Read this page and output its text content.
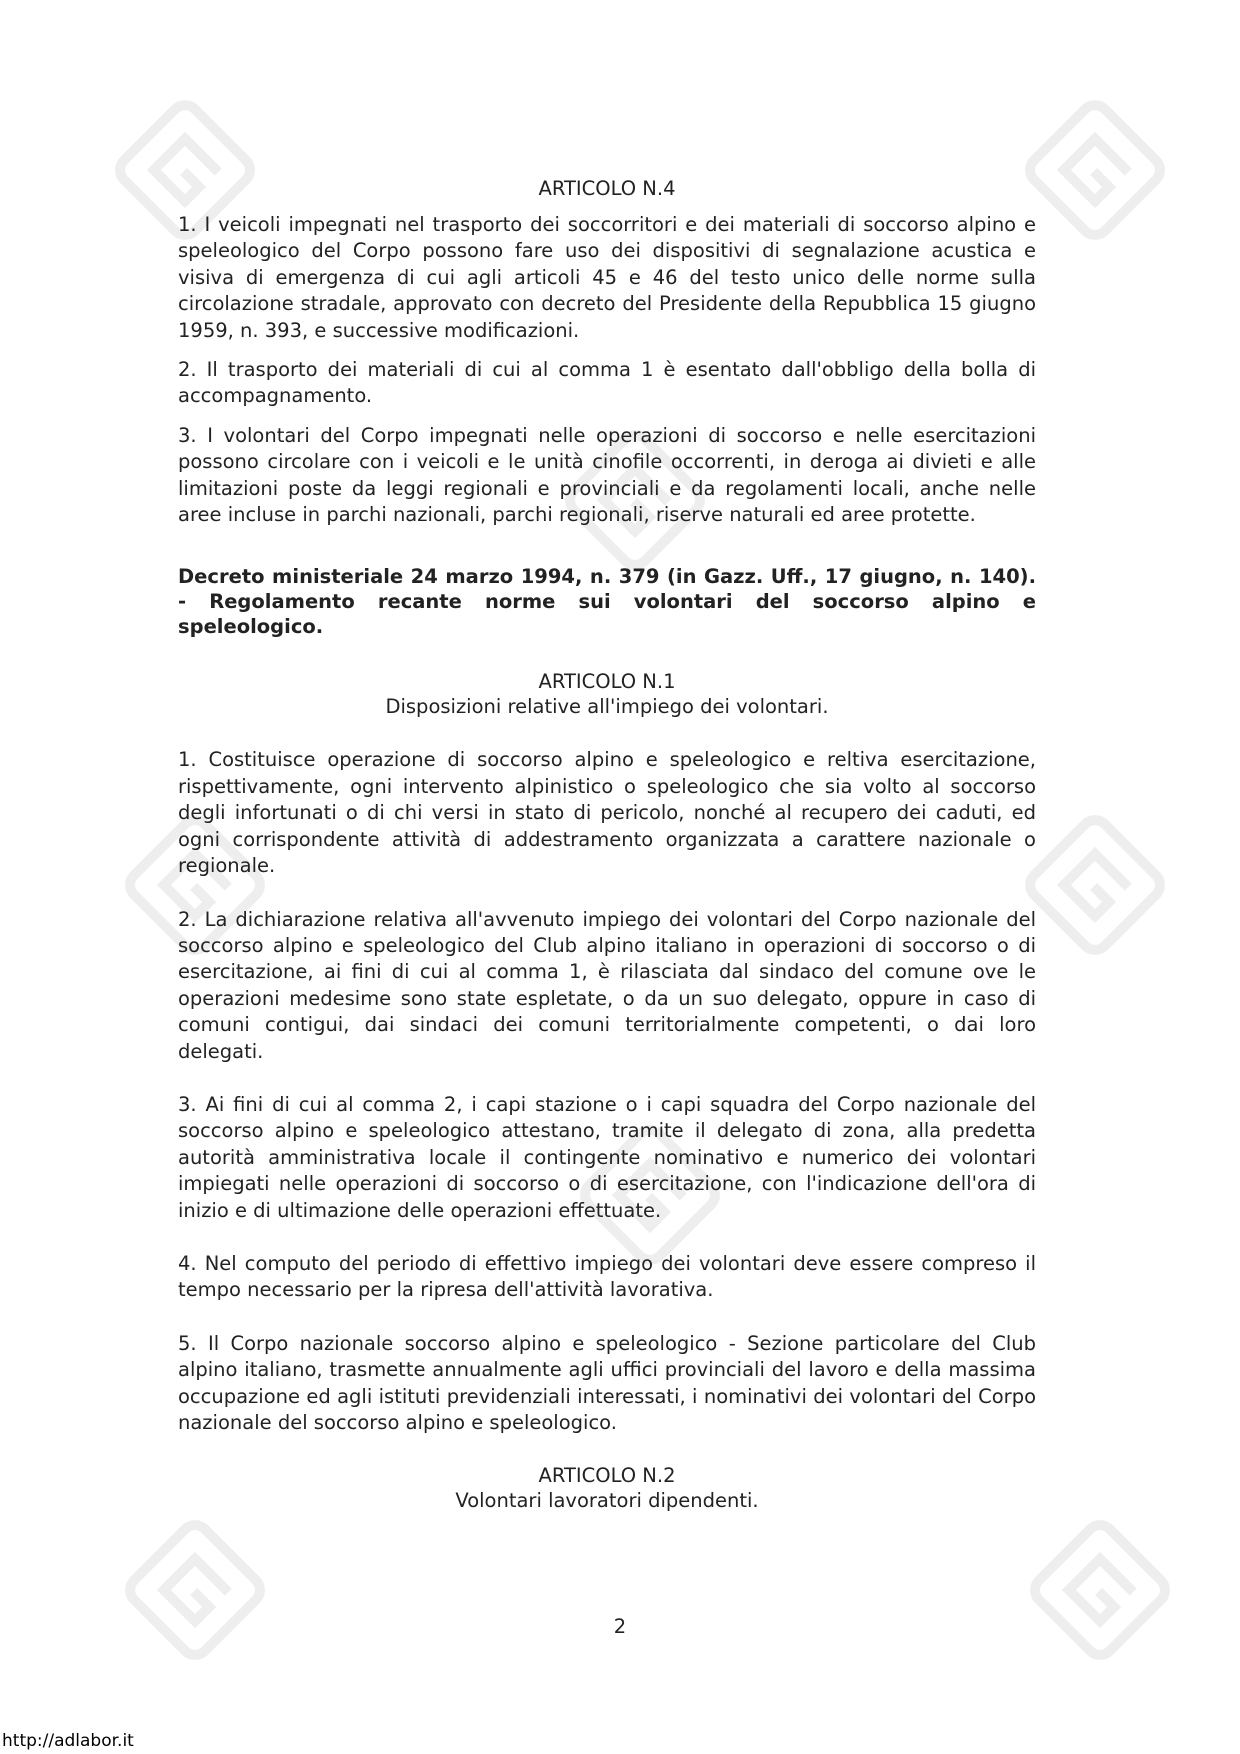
ARTICOLO N.4

1. I veicoli impegnati nel trasporto dei soccorritori e dei materiali di soccorso alpino e speleologico del Corpo possono fare uso dei dispositivi di segnalazione acustica e visiva di emergenza di cui agli articoli 45 e 46 del testo unico delle norme sulla circolazione stradale, approvato con decreto del Presidente della Repubblica 15 giugno 1959, n. 393, e successive modificazioni.

2. Il trasporto dei materiali di cui al comma 1 è esentato dall'obbligo della bolla di accompagnamento.

3. I volontari del Corpo impegnati nelle operazioni di soccorso e nelle esercitazioni possono circolare con i veicoli e le unità cinofile occorrenti, in deroga ai divieti e alle limitazioni poste da leggi regionali e provinciali e da regolamenti locali, anche nelle aree incluse in parchi nazionali, parchi regionali, riserve naturali ed aree protette.

Decreto ministeriale 24 marzo 1994, n. 379 (in Gazz. Uff., 17 giugno, n. 140). - Regolamento recante norme sui volontari del soccorso alpino e speleologico.

ARTICOLO N.1

Disposizioni relative all'impiego dei volontari.

1. Costituisce operazione di soccorso alpino e speleologico e reltiva esercitazione, rispettivamente, ogni intervento alpinistico o speleologico che sia volto al soccorso degli infortunati o di chi versi in stato di pericolo, nonché al recupero dei caduti, ed ogni corrispondente attività di addestramento organizzata a carattere nazionale o regionale.

2. La dichiarazione relativa all'avvenuto impiego dei volontari del Corpo nazionale del soccorso alpino e speleologico del Club alpino italiano in operazioni di soccorso o di esercitazione, ai fini di cui al comma 1, è rilasciata dal sindaco del comune ove le operazioni medesime sono state espletate, o da un suo delegato, oppure in caso di comuni contigui, dai sindaci dei comuni territorialmente competenti, o dai loro delegati.

3. Ai fini di cui al comma 2, i capi stazione o i capi squadra del Corpo nazionale del soccorso alpino e speleologico attestano, tramite il delegato di zona, alla predetta autorità amministrativa locale il contingente nominativo e numerico dei volontari impiegati nelle operazioni di soccorso o di esercitazione, con l'indicazione dell'ora di inizio e di ultimazione delle operazioni effettuate.

4. Nel computo del periodo di effettivo impiego dei volontari deve essere compreso il tempo necessario per la ripresa dell'attività lavorativa.

5. Il Corpo nazionale soccorso alpino e speleologico - Sezione particolare del Club alpino italiano, trasmette annualmente agli uffici provinciali del lavoro e della massima occupazione ed agli istituti previdenziali interessati, i nominativi dei volontari del Corpo nazionale del soccorso alpino e speleologico.

ARTICOLO N.2

Volontari lavoratori dipendenti.

2
http://adlabor.it
